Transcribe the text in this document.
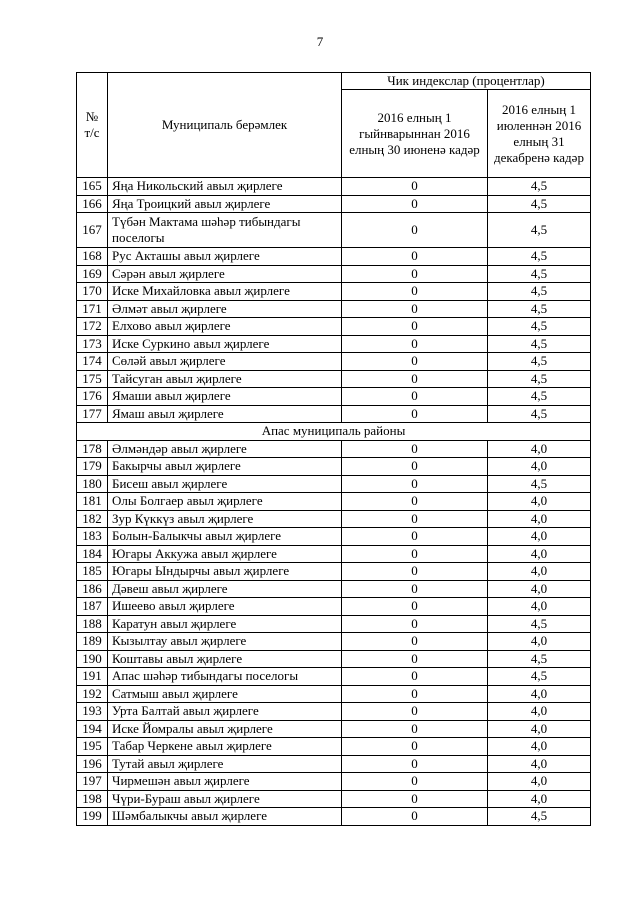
7
№ т/с	Муниципаль берәмлек	Чик индекслар (процентлар)	
		2016 елның 1 гыйнварыннан 2016 елның 30 июненә кадәр	2016 елның 1 июленнән 2016 елның 31 декабренә кадәр
165	Яңа Никольский авыл җирлеге	0	4,5
166	Яңа Троицкий авыл җирлеге	0	4,5
167	Түбән Мактама шәһәр тибындагы поселогы	0	4,5
168	Рус Акташы авыл җирлеге	0	4,5
169	Сәрән авыл җирлеге	0	4,5
170	Иске Михайловка авыл җирлеге	0	4,5
171	Әлмәт авыл җирлеге	0	4,5
172	Елхово авыл җирлеге	0	4,5
173	Иске Суркино авыл җирлеге	0	4,5
174	Сөләй авыл җирлеге	0	4,5
175	Тайсуган авыл җирлеге	0	4,5
176	Ямаши авыл җирлеге	0	4,5
177	Ямаш авыл җирлеге	0	4,5
Апас муниципаль районы			
178	Әлмәндәр авыл җирлеге	0	4,0
179	Бакырчы авыл җирлеге	0	4,0
180	Бисеш авыл җирлеге	0	4,5
181	Олы Болгаер авыл җирлеге	0	4,0
182	Зур Күккүз авыл җирлеге	0	4,0
183	Болын-Балыкчы авыл җирлеге	0	4,0
184	Югары Аккужа авыл җирлеге	0	4,0
185	Югары Ындырчы авыл җирлеге	0	4,0
186	Дәвеш авыл җирлеге	0	4,0
187	Ишеево авыл җирлеге	0	4,0
188	Каратун авыл җирлеге	0	4,5
189	Кызылтау авыл җирлеге	0	4,0
190	Коштавы авыл җирлеге	0	4,5
191	Апас шәһәр тибындагы поселогы	0	4,5
192	Сатмыш авыл җирлеге	0	4,0
193	Урта Балтай авыл җирлеге	0	4,0
194	Иске Йомралы авыл җирлеге	0	4,0
195	Табар Черкене авыл җирлеге	0	4,0
196	Тутай авыл җирлеге	0	4,0
197	Чирмешән авыл җирлеге	0	4,0
198	Чүри-Бураш авыл җирлеге	0	4,0
199	Шәмбалыкчы авыл җирлеге	0	4,5
